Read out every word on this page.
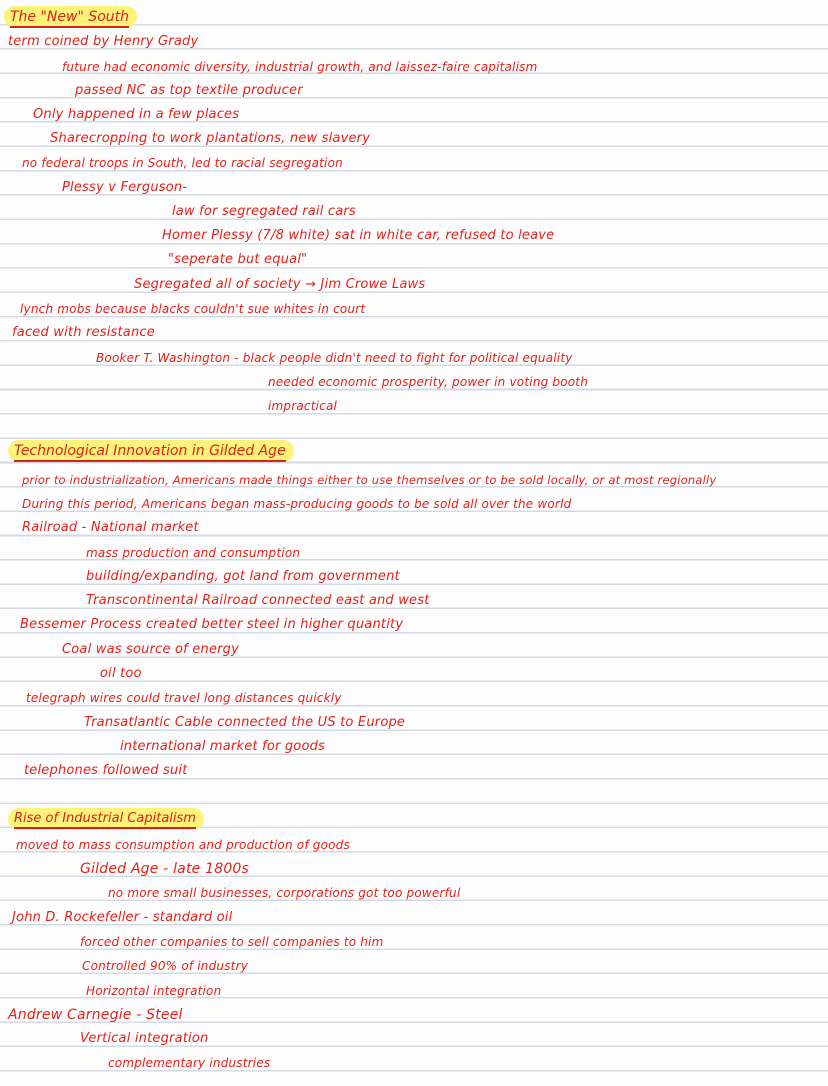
The "New" South
term coined by Henry Grady
future had economic diversity, industrial growth, and laissez-faire capitalism
passed NC as top textile producer
Only happened in a few places
Sharecropping to work plantations, new slavery
no federal troops in South, led to racial segregation
Plessy v Ferguson-
law for segregated rail cars
Homer Plessy (7/8 white) sat in white car, refused to leave
"seperate but equal"
Segregated all of society → Jim Crowe Laws
lynch mobs because blacks couldn't sue whites in court
faced with resistance
Booker T. Washington - black people didn't need to fight for political equality
needed economic prosperity, power in voting booth
impractical
Technological Innovation in Gilded Age
prior to industrialization, Americans made things either to use themselves or to be sold locally, or at most regionally
During this period, Americans began mass-producing goods to be sold all over the world
Railroad - National market
mass production and consumption
building/expanding, got land from government
Transcontinental Railroad connected east and west
Bessemer Process created better steel in higher quantity
Coal was source of energy
oil too
telegraph wires could travel long distances quickly
Transatlantic Cable connected the US to Europe
international market for goods
telephones followed suit
Rise of Industrial Capitalism
moved to mass consumption and production of goods
Gilded Age - late 1800s
no more small businesses, corporations got too powerful
John D. Rockefeller - standard oil
forced other companies to sell companies to him
Controlled 90% of industry
Horizontal integration
Andrew Carnegie - Steel
Vertical integration
complementary industries
